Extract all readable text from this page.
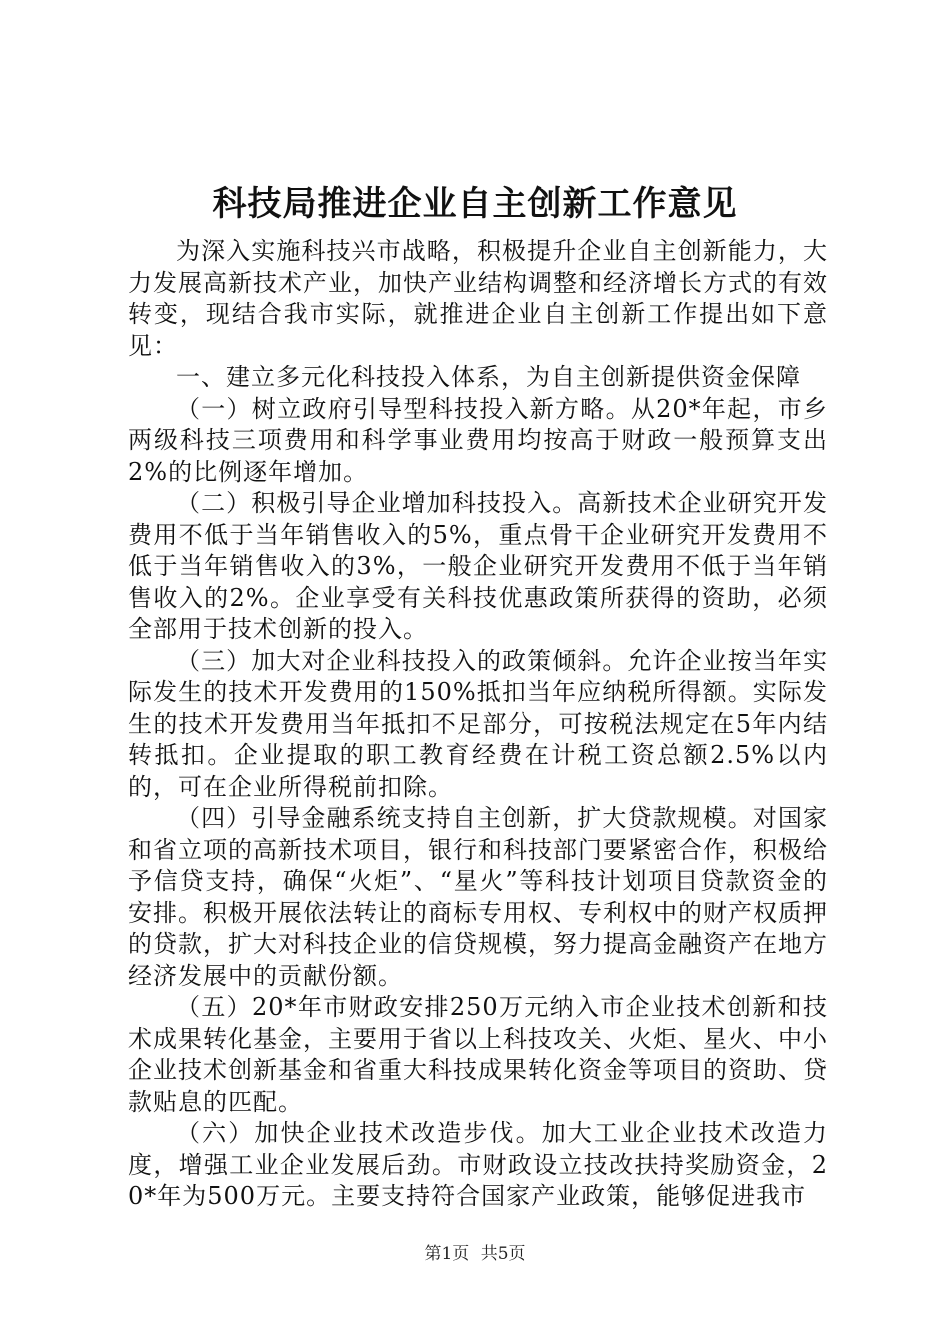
科技局推进企业自主创新工作意见

为深入实施科技兴市战略，积极提升企业自主创新能力，大力发展高新技术产业，加快产业结构调整和经济增长方式的有效转变，现结合我市实际，就推进企业自主创新工作提出如下意见：

一、建立多元化科技投入体系，为自主创新提供资金保障

（一）树立政府引导型科技投入新方略。从20*年起，市乡两级科技三项费用和科学事业费用均按高于财政一般预算支出2%的比例逐年增加。

（二）积极引导企业增加科技投入。高新技术企业研究开发费用不低于当年销售收入的5%，重点骨干企业研究开发费用不低于当年销售收入的3%，一般企业研究开发费用不低于当年销售收入的2%。企业享受有关科技优惠政策所获得的资助，必须全部用于技术创新的投入。

（三）加大对企业科技投入的政策倾斜。允许企业按当年实际发生的技术开发费用的150%抵扣当年应纳税所得额。实际发生的技术开发费用当年抵扣不足部分，可按税法规定在5年内结转抵扣。企业提取的职工教育经费在计税工资总额2.5%以内的，可在企业所得税前扣除。

（四）引导金融系统支持自主创新，扩大贷款规模。对国家和省立项的高新技术项目，银行和科技部门要紧密合作，积极给予信贷支持，确保“火炬”、“星火”等科技计划项目贷款资金的安排。积极开展依法转让的商标专用权、专利权中的财产权质押的贷款，扩大对科技企业的信贷规模，努力提高金融资产在地方经济发展中的贡献份额。

（五）20*年市财政安排250万元纳入市企业技术创新和技术成果转化基金，主要用于省以上科技攻关、火炬、星火、中小企业技术创新基金和省重大科技成果转化资金等项目的资助、贷款贴息的匹配。

（六）加快企业技术改造步伐。加大工业企业技术改造力度，增强工业企业发展后劲。市财政设立技改扶持奖励资金，20*年为500万元。主要支持符合国家产业政策，能够促进我市

第1页 共5页
